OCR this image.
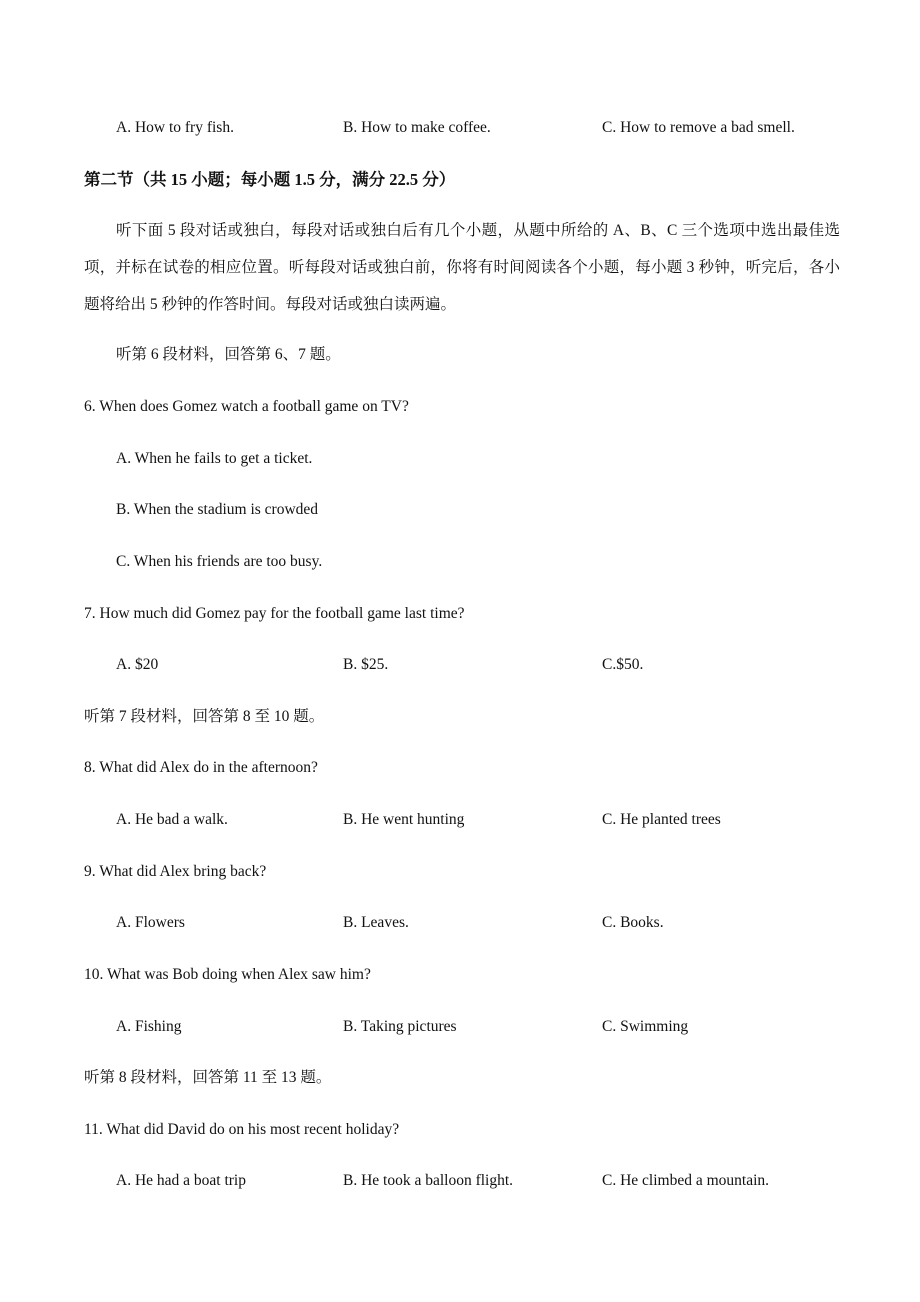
A. How to fry fish.	B. How to make coffee.	C. How to remove a bad smell.
第二节（共 15 小题；每小题 1.5 分，满分 22.5 分）
听下面 5 段对话或独白，每段对话或独白后有几个小题，从题中所给的 A、B、C 三个选项中选出最佳选项，并标在试卷的相应位置。听每段对话或独白前，你将有时间阅读各个小题，每小题 3 秒钟，听完后，各小题将给出 5 秒钟的作答时间。每段对话或独白读两遍。
听第 6 段材料，回答第 6、7 题。
6. When does Gomez watch a football game on TV?
A. When he fails to get a ticket.
B. When the stadium is crowded
C. When his friends are too busy.
7. How much did Gomez pay for the football game last time?
A. $20	B. $25.	C.$50.
听第 7 段材料，回答第 8 至 10 题。
8. What did Alex do in the afternoon?
A. He bad a walk.	B. He went hunting	C. He planted trees
9. What did Alex bring back?
A. Flowers	B. Leaves.	C. Books.
10. What was Bob doing when Alex saw him?
A. Fishing	B. Taking pictures	C. Swimming
听第 8 段材料，回答第 11 至 13 题。
11. What did David do on his most recent holiday?
A. He had a boat trip	B. He took a balloon flight.	C. He climbed a mountain.
